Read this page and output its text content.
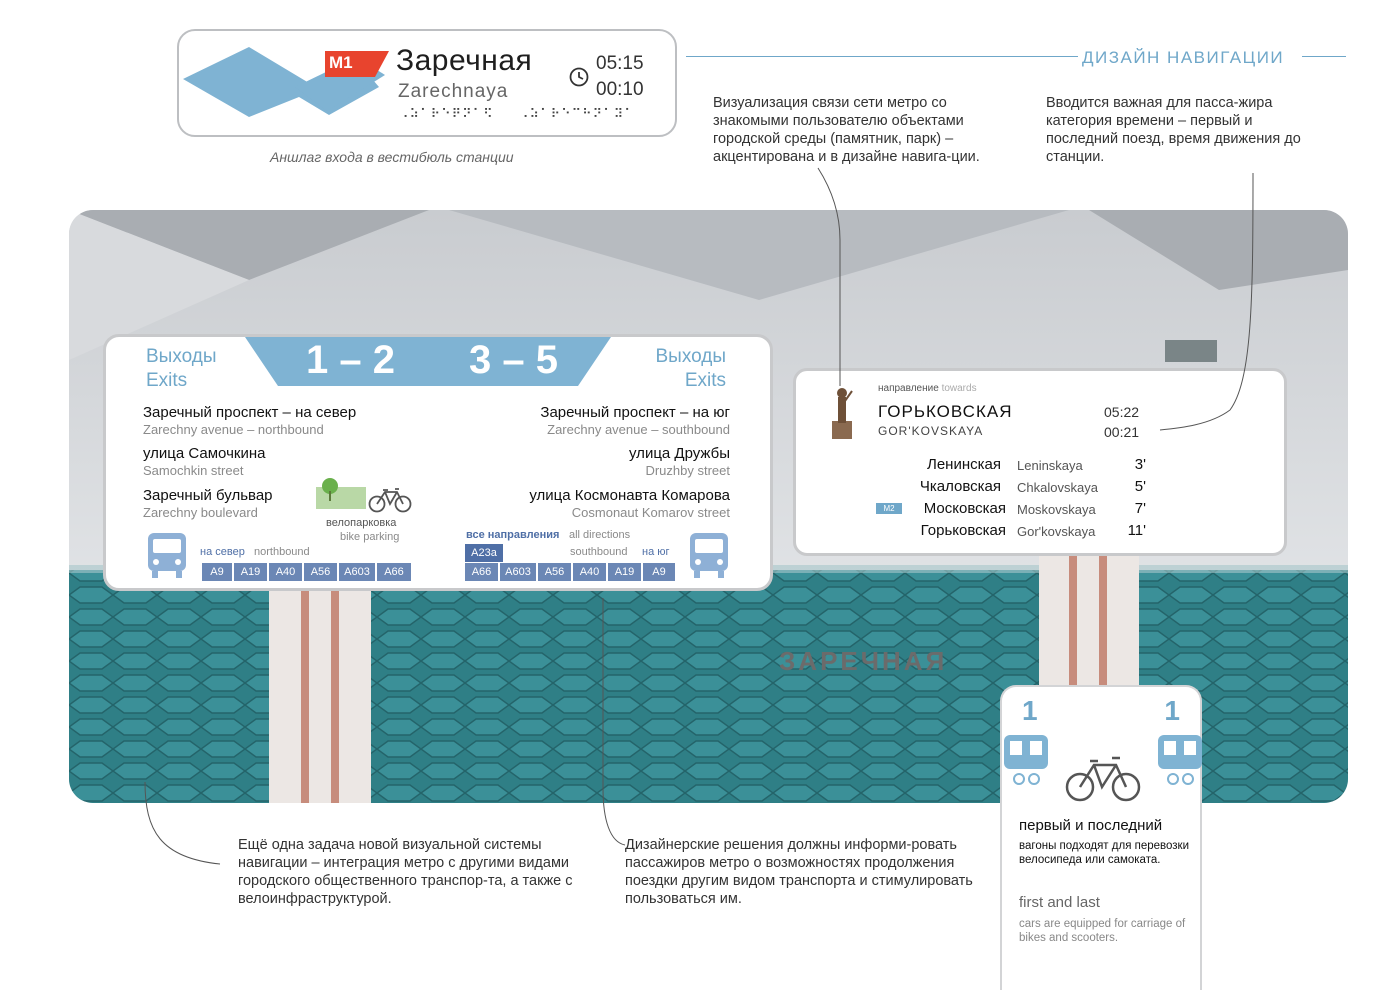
M1 Заречная
Zarechnaya
05:15
00:10
⠠⠵⠁⠗⠑⠟⠝⠁⠫ ⠠⠵⠁⠗⠑⠉⠓⠝⠁⠽⠁
Аншлаг входа в вестибюль станции
ДИЗАЙН НАВИГАЦИИ
Визуализация связи сети метро со знакомыми пользователю объектами городской среды (памятник, парк) – акцентирована и в дизайне навига-ции.
Вводится важная для пасса-жира категория времени – первый и последний поезд, время движения до станции.
Ещё одна задача новой визуальной системы навигации – интеграция метро с другими видами городского общественного транспор-та, а также с велоинфраструктурой.
Дизайнерские решения должны информи-ровать пассажиров метро о возможностях продолжения поездки другим видом транспорта и стимулировать пользоваться им.
ЗАРЕЧНАЯ
1 – 2 3 – 5
Выходы
Exits
Выходы
Exits
Заречный проспект – на север
Zarechny avenue – northbound
улица Самочкина
Samochkin street
Заречный бульвар
Zarechny boulevard
Заречный проспект – на юг
Zarechny avenue – southbound
улица Дружбы
Druzhby street
улица Космонавта Комарова
Cosmonaut Komarov street
велопарковка
bike parking
на север northbound
A9	A19	A40	A56	A603	A66
все направления all directions
A23a	southbound на юг
A66	A603	A56	A40	A19	A9
направление towards
ГОРЬКОВСКАЯ
GOR'KOVSKAYA
05:22
00:21
Ленинская Leninskaya	3'
Чкаловская Chkalovskaya	5'
M2	Московская Moskovskaya	7'
Горьковская Gor'kovskaya	11'
1	1
первый и последний
вагоны подходят для перевозки велосипеда или самоката.
first and last
cars are equipped for carriage of bikes and scooters.
